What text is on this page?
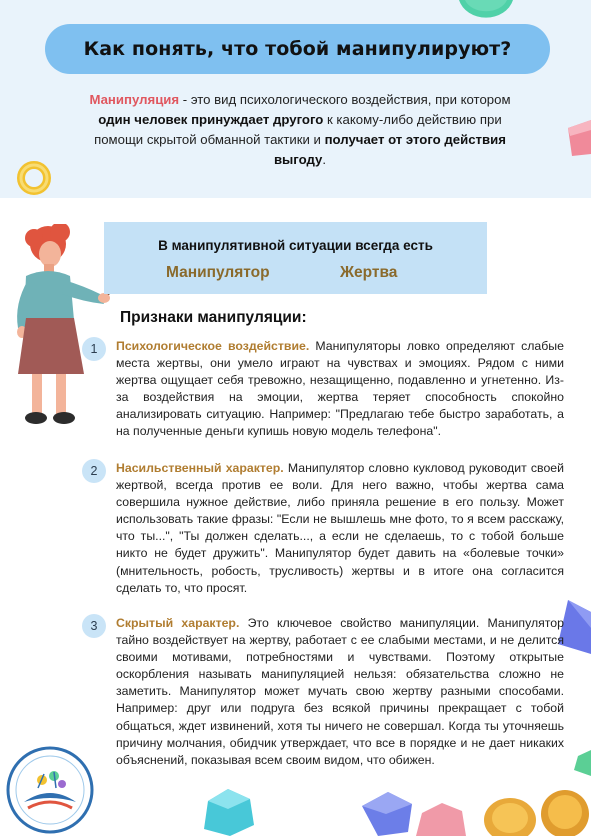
Как понять, что тобой манипулируют?

Манипуляция - это вид психологического воздействия, при котором один человек принуждает другого к какому-либо действию при помощи скрытой обманной тактики и получает от этого действия выгоду.

В манипулятивной ситуации всегда есть
Манипулятор	Жертва
Признаки манипуляции:
1	Психологическое воздействие. Манипуляторы ловко определяют слабые места жертвы, они умело играют на чувствах и эмоциях. Рядом с ними жертва ощущает себя тревожно, незащищенно, подавленно и угнетенно. Из-за воздействия на эмоции, жертва теряет способность спокойно анализировать ситуацию. Например: "Предлагаю тебе быстро заработать, а на полученные деньги купишь новую модель телефона".

2	Насильственный характер. Манипулятор словно кукловод руководит своей жертвой, всегда против ее воли. Для него важно, чтобы жертва сама совершила нужное действие, либо приняла решение в его пользу. Может использовать такие фразы: "Если не вышлешь мне фото, то я всем расскажу, что ты...", "Ты должен сделать..., а если не сделаешь, то с тобой больше никто не будет дружить". Манипулятор будет давить на «болевые точки» (мнительность, робость, трусливость) жертвы и в итоге она согласится сделать то, что просят.

3	Скрытый характер. Это ключевое свойство манипуляции. Манипулятор тайно воздействует на жертву, работает с ее слабыми местами, и не делится своими мотивами, потребностями и чувствами. Поэтому открытые оскорбления называть манипуляцией нельзя: обязательства сложно не заметить. Манипулятор может мучать свою жертву разными способами. Например: друг или подруга без всякой причины прекращает с тобой общаться, ждет извинений, хотя ты ничего не совершал. Когда ты уточняешь причину молчания, обидчик утверждает, что все в порядке и не дает никаких объяснений, показывая всем своим видом, что обижен.
